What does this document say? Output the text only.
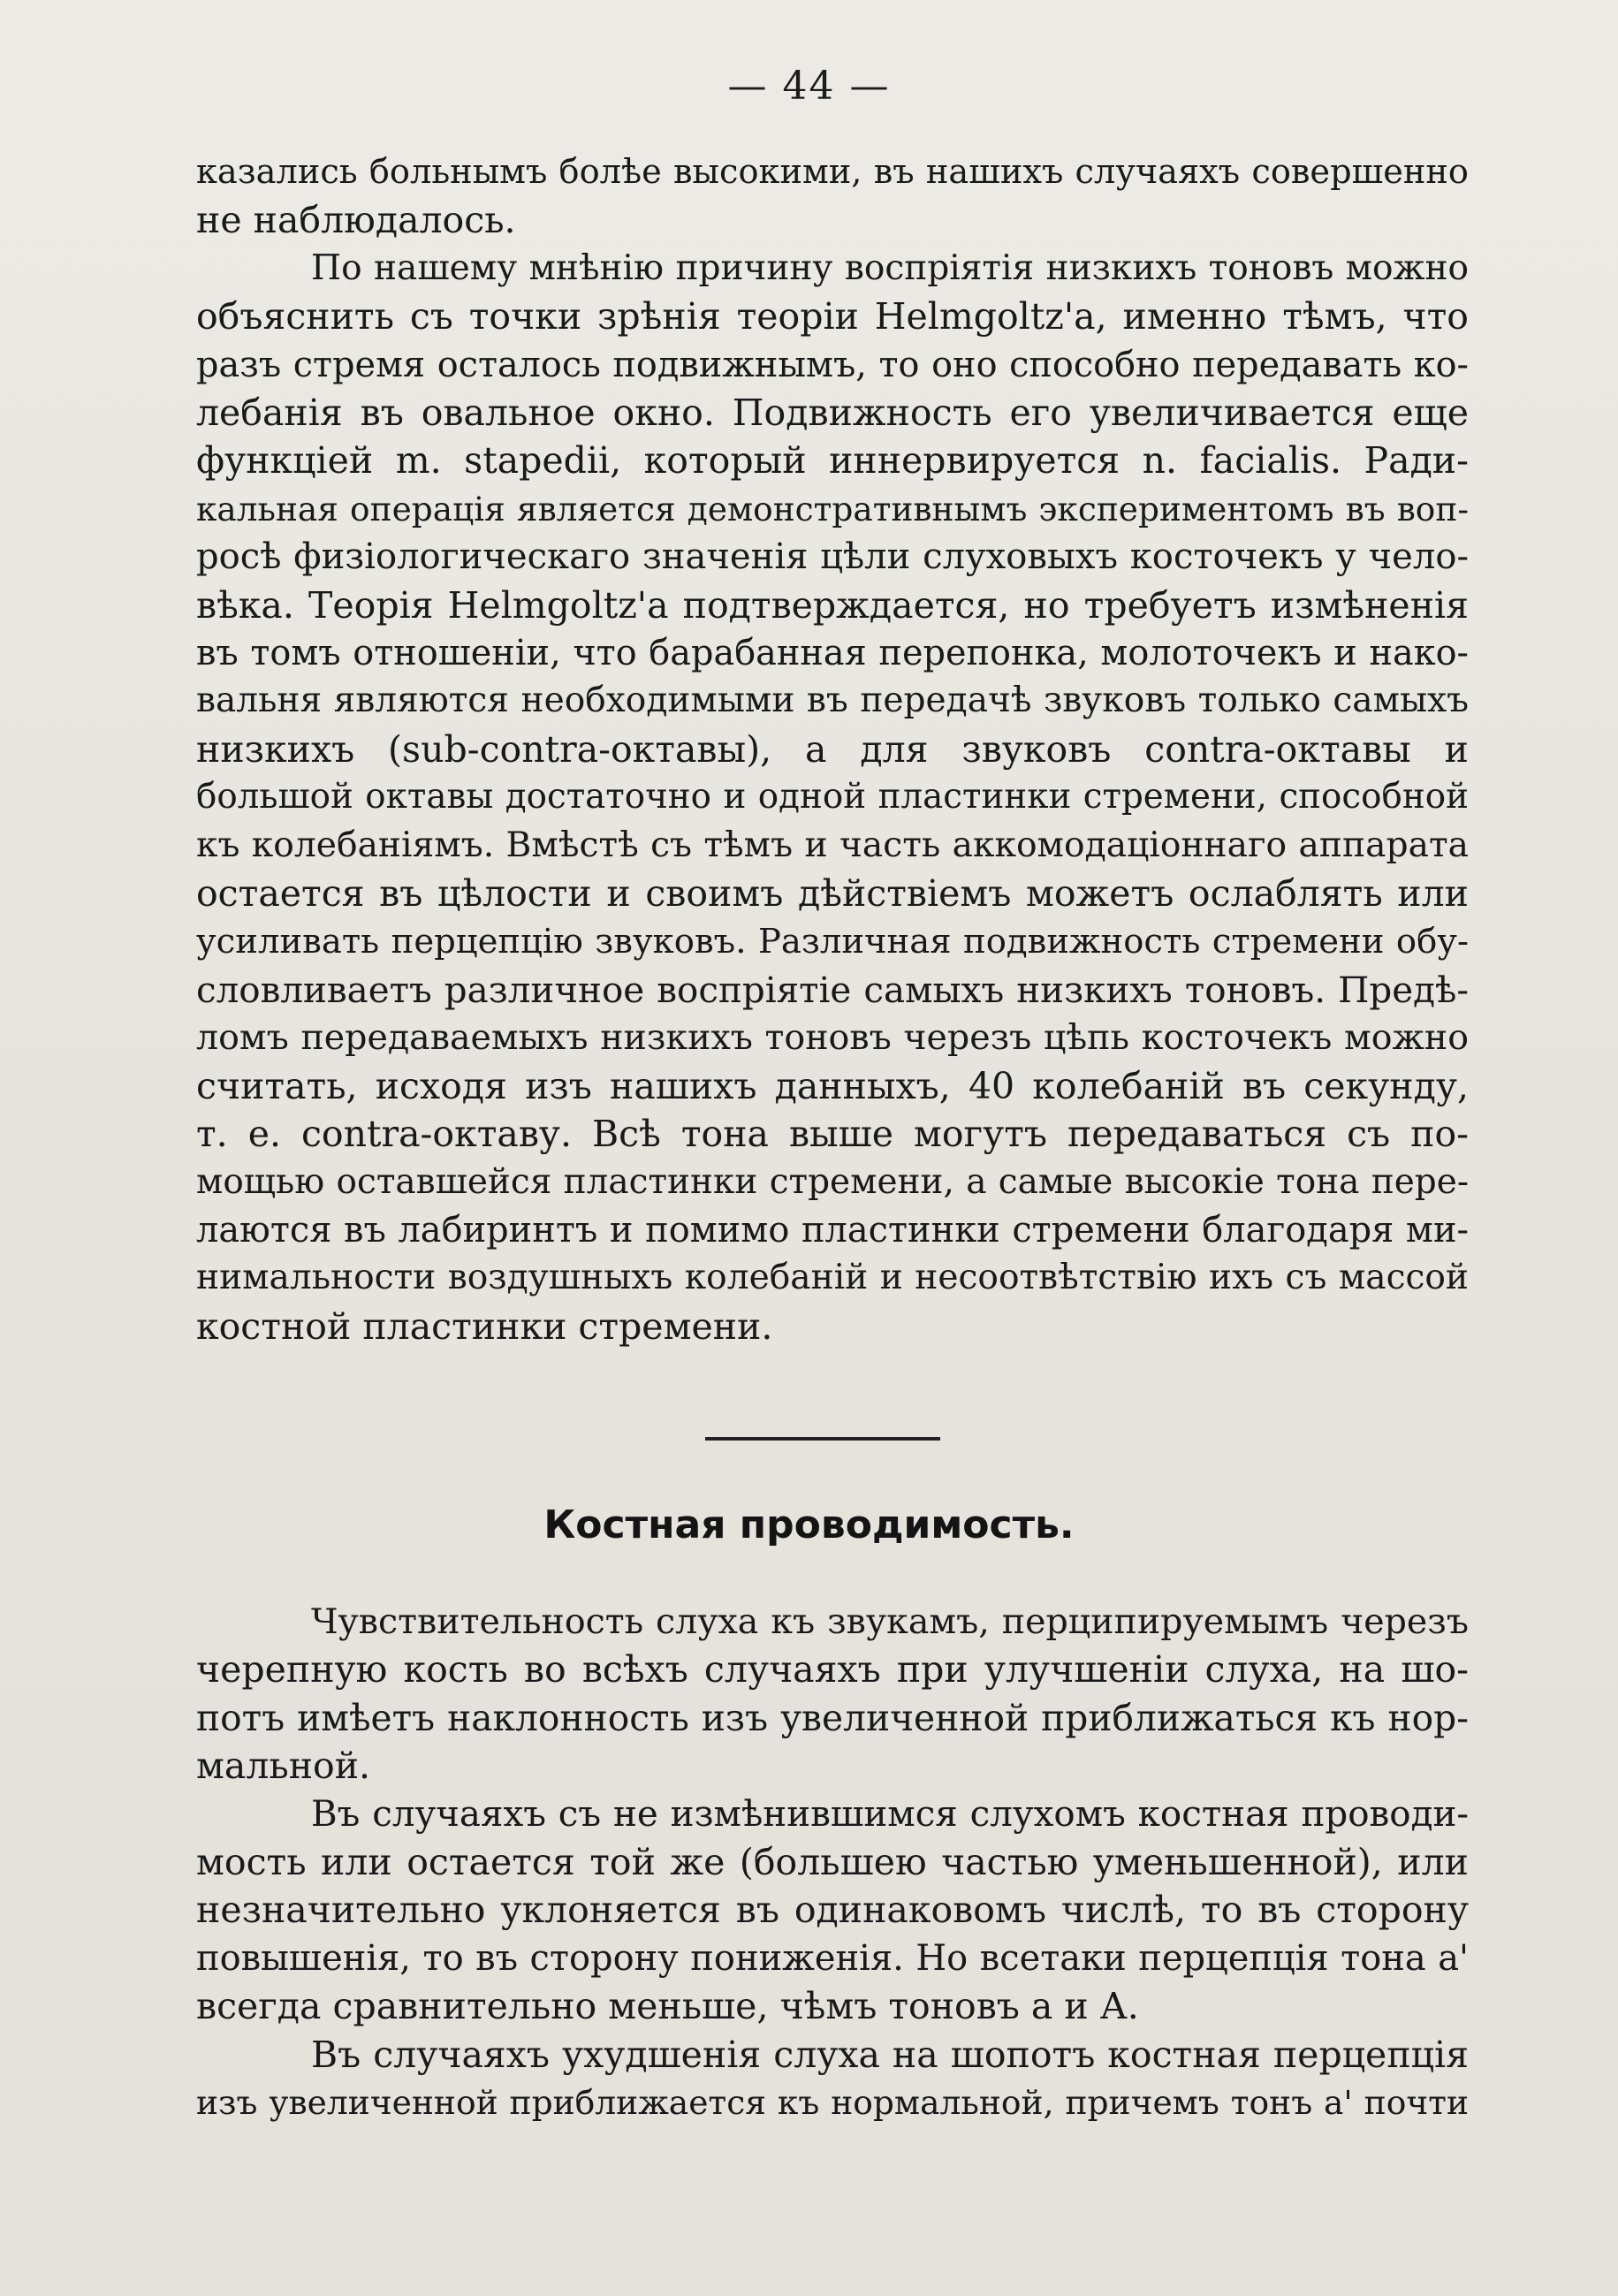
— 44 —
казались больнымъ болѣе высокими, въ нашихъ случаяхъ совершенно
не наблюдалось.
По нашему мнѣнію причину воспріятія низкихъ тоновъ можно
объяснить съ точки зрѣнія теоріи Helmgoltz'а, именно тѣмъ, что
разъ стремя осталось подвижнымъ, то оно способно передавать ко-
лебанія въ овальное окно. Подвижность его увеличивается еще
функціей m. stapedii, который иннервируется n. facialis. Ради-
кальная операція является демонстративнымъ экспериментомъ въ воп-
росѣ физіологическаго значенія цѣли слуховыхъ косточекъ у чело-
вѣка. Теорія Helmgoltz'а подтверждается, но требуетъ измѣненія
въ томъ отношеніи, что барабанная перепонка, молоточекъ и нако-
вальня являются необходимыми въ передачѣ звуковъ только самыхъ
низкихъ (sub-contra-октавы), а для звуковъ contra-октавы и
большой октавы достаточно и одной пластинки стремени, способной
къ колебаніямъ. Вмѣстѣ съ тѣмъ и часть аккомодаціоннаго аппарата
остается въ цѣлости и своимъ дѣйствіемъ можетъ ослаблять или
усиливать перцепцію звуковъ. Различная подвижность стремени обу-
словливаетъ различное воспріятіе самыхъ низкихъ тоновъ. Предѣ-
ломъ передаваемыхъ низкихъ тоновъ черезъ цѣпь косточекъ можно
считать, исходя изъ нашихъ данныхъ, 40 колебаній въ секунду,
т. е. contra-октаву. Всѣ тона выше могутъ передаваться съ по-
мощью оставшейся пластинки стремени, а самые высокіе тона пере-
лаются въ лабиринтъ и помимо пластинки стремени благодаря ми-
нимальности воздушныхъ колебаній и несоотвѣтствію ихъ съ массой
костной пластинки стремени.
Костная проводимость.
Чувствительность слуха къ звукамъ, перципируемымъ черезъ
черепную кость во всѣхъ случаяхъ при улучшеніи слуха, на шо-
потъ имѣетъ наклонность изъ увеличенной приближаться къ нор-
мальной.
Въ случаяхъ съ не измѣнившимся слухомъ костная проводи-
мость или остается той же (большею частью уменьшенной), или
незначительно уклоняется въ одинаковомъ числѣ, то въ сторону
повышенія, то въ сторону пониженія. Но всетаки перцепція тона а'
всегда сравнительно меньше, чѣмъ тоновъ а и А.
Въ случаяхъ ухудшенія слуха на шопотъ костная перцепція
изъ увеличенной приближается къ нормальной, причемъ тонъ а' почти
